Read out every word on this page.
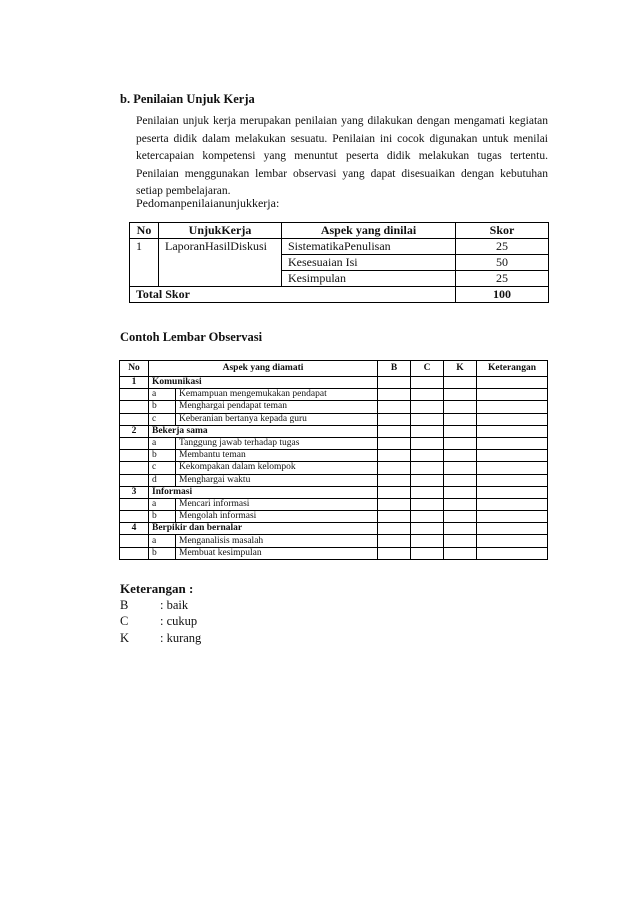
b. Penilaian Unjuk Kerja
Penilaian unjuk kerja merupakan penilaian yang dilakukan dengan mengamati kegiatan peserta didik dalam melakukan sesuatu. Penilaian ini cocok digunakan untuk menilai ketercapaian kompetensi yang menuntut peserta didik melakukan tugas tertentu. Penilaian menggunakan lembar observasi yang dapat disesuaikan dengan kebutuhan setiap pembelajaran.
Pedomanpenilaianunjukkerja:
No	UnjukKerja	Aspek yang dinilai	Skor
1	LaporanHasilDiskusi	SistematikaPenulisan	25
		Kesesuaian Isi	50
		Kesimpulan	25
Total Skor			100
Contoh Lembar Observasi
No	Aspek yang diamati		B	C	K	Keterangan
1	Komunikasi					
	a	Kemampuan mengemukakan pendapat				
	b	Menghargai pendapat teman				
	c	Keberanian bertanya kepada guru				
2	Bekerja sama					
	a	Tanggung jawab terhadap tugas				
	b	Membantu teman				
	c	Kekompakan dalam kelompok				
	d	Menghargai waktu				
3	Informasi					
	a	Mencari informasi				
	b	Mengolah informasi				
4	Berpikir dan bernalar					
	a	Menganalisis masalah				
	b	Membuat kesimpulan				
Keterangan :
B	: baik
C	: cukup
K : kurang
